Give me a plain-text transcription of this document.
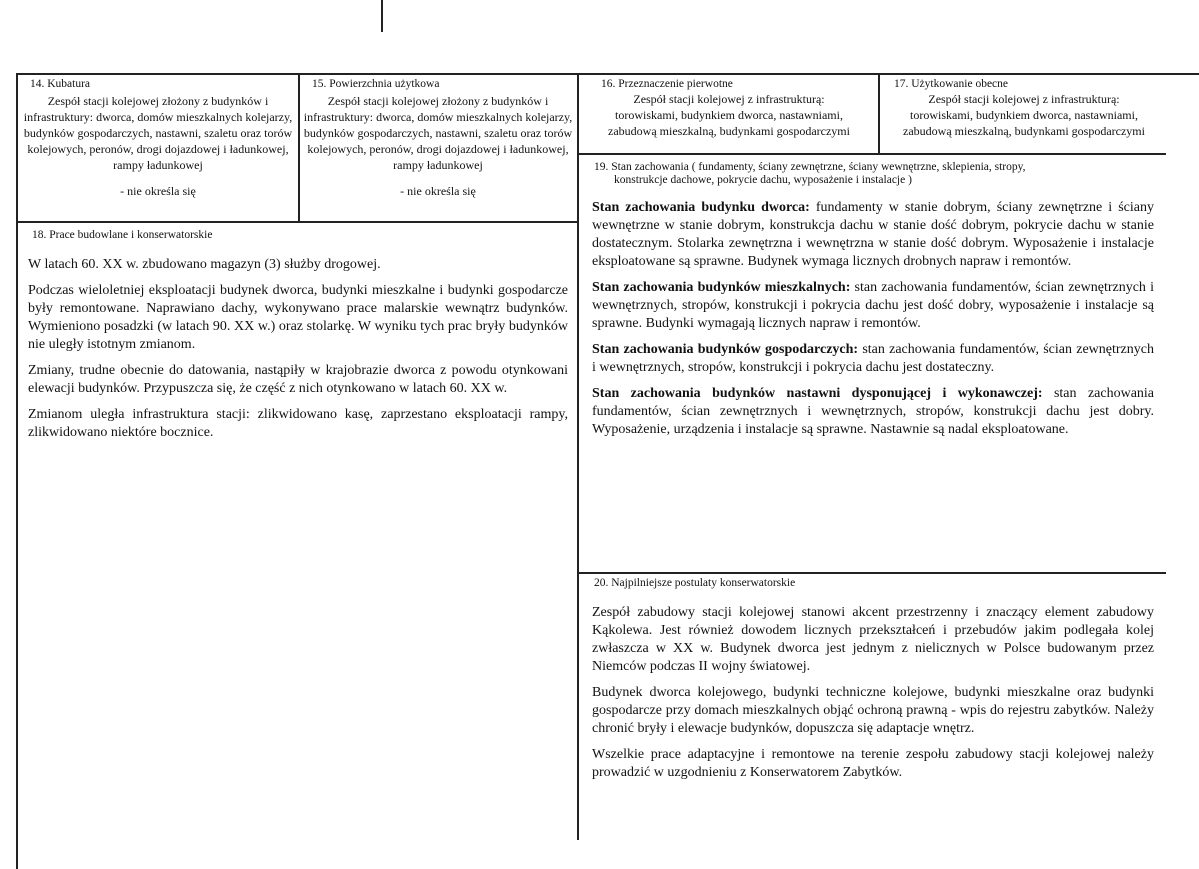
14. Kubatura

Zespół stacji kolejowej złożony z budynków i infrastruktury: dworca, domów mieszkalnych kolejarzy, budynków gospodarczych, nastawni, szaletu oraz torów kolejowych, peronów, drogi dojazdowej i ładunkowej, rampy ładunkowej
- nie określa się

15. Powierzchnia użytkowa

Zespół stacji kolejowej złożony z budynków i infrastruktury: dworca, domów mieszkalnych kolejarzy, budynków gospodarczych, nastawni, szaletu oraz torów kolejowych, peronów, drogi dojazdowej i ładunkowej, rampy ładunkowej
- nie określa się

16. Przeznaczenie pierwotne

Zespół stacji kolejowej z infrastrukturą:
torowiskami, budynkiem dworca, nastawniami,
zabudową mieszkalną, budynkami gospodarczymi

17. Użytkowanie obecne

Zespół stacji kolejowej z infrastrukturą:
torowiskami, budynkiem dworca, nastawniami,
zabudową mieszkalną, budynkami gospodarczymi

18. Prace budowlane i konserwatorskie

W latach 60. XX w. zbudowano magazyn (3) służby drogowej.

Podczas wieloletniej eksploatacji budynek dworca, budynki mieszkalne i budynki gospodarcze były remontowane. Naprawiano dachy, wykonywano prace malarskie wewnątrz budynków. Wymieniono posadzki (w latach 90. XX w.) oraz stolarkę. W wyniku tych prac bryły budynków nie uległy istotnym zmianom.

Zmiany, trudne obecnie do datowania, nastąpiły w krajobrazie dworca z powodu otynkowani elewacji budynków. Przypuszcza się, że część z nich otynkowano w latach 60. XX w.

Zmianom uległa infrastruktura stacji: zlikwidowano kasę, zaprzestano eksploatacji rampy, zlikwidowano niektóre bocznice.

19. Stan zachowania ( fundamenty, ściany zewnętrzne, ściany wewnętrzne, sklepienia, stropy,

konstrukcje dachowe, pokrycie dachu, wyposażenie i instalacje )

Stan zachowania budynku dworca: fundamenty w stanie dobrym, ściany zewnętrzne i ściany wewnętrzne w stanie dobrym, konstrukcja dachu w stanie dość dobrym, pokrycie dachu w stanie dostatecznym. Stolarka zewnętrzna i wewnętrzna w stanie dość dobrym. Wyposażenie i instalacje eksploatowane są sprawne. Budynek wymaga licznych drobnych napraw i remontów.

Stan zachowania budynków mieszkalnych: stan zachowania fundamentów, ścian zewnętrznych i wewnętrznych, stropów, konstrukcji i pokrycia dachu jest dość dobry, wyposażenie i instalacje są sprawne. Budynki wymagają licznych napraw i remontów.

Stan zachowania budynków gospodarczych: stan zachowania fundamentów, ścian zewnętrznych i wewnętrznych, stropów, konstrukcji i pokrycia dachu jest dostateczny.

Stan zachowania budynków nastawni dysponującej i wykonawczej: stan zachowania fundamentów, ścian zewnętrznych i wewnętrznych, stropów, konstrukcji dachu jest dobry. Wyposażenie, urządzenia i instalacje są sprawne. Nastawnie są nadal eksploatowane.

20. Najpilniejsze postulaty konserwatorskie

Zespół zabudowy stacji kolejowej stanowi akcent przestrzenny i znaczący element zabudowy Kąkolewa. Jest również dowodem licznych przekształceń i przebudów jakim podlegała kolej zwłaszcza w XX w. Budynek dworca jest jednym z nielicznych w Polsce budowanym przez Niemców podczas II wojny światowej.

Budynek dworca kolejowego, budynki techniczne kolejowe, budynki mieszkalne oraz budynki gospodarcze przy domach mieszkalnych objąć ochroną prawną - wpis do rejestru zabytków. Należy chronić bryły i elewacje budynków, dopuszcza się adaptacje wnętrz.

Wszelkie prace adaptacyjne i remontowe na terenie zespołu zabudowy stacji kolejowej należy prowadzić w uzgodnieniu z Konserwatorem Zabytków.
